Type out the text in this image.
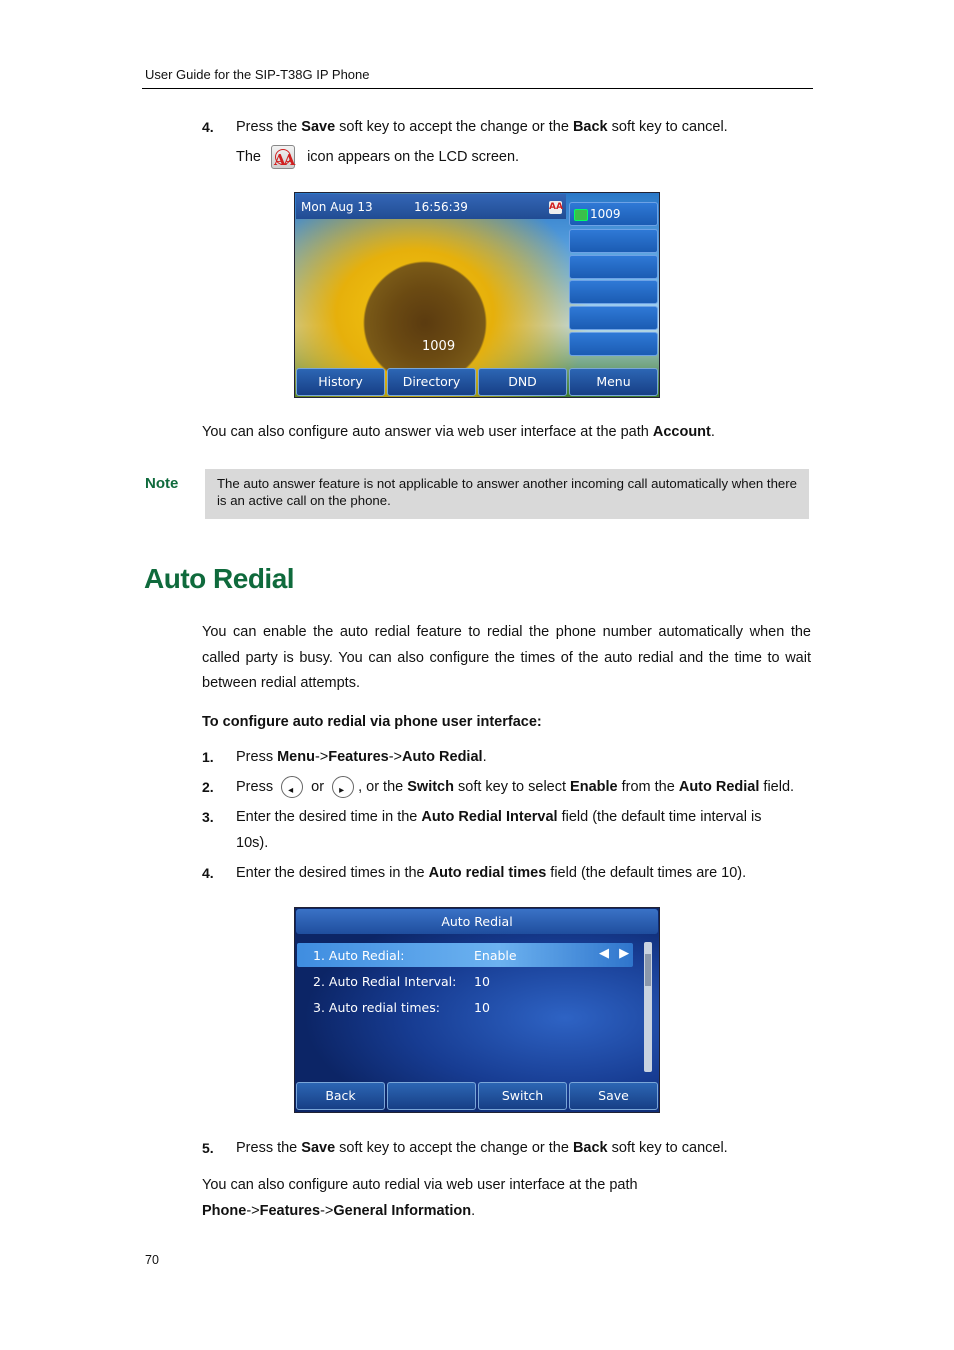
User Guide for the SIP-T38G IP Phone
4. Press the Save soft key to accept the change or the Back soft key to cancel.
The AA icon appears on the LCD screen.
Mon Aug 13	16:56:39	AA 1009
1009
History	Directory	DND	Menu
You can also configure auto answer via web user interface at the path Account.
Note	The auto answer feature is not applicable to answer another incoming call automatically when there is an active call on the phone.
Auto Redial
You can enable the auto redial feature to redial the phone number automatically when the called party is busy. You can also configure the times of the auto redial and the time to wait between redial attempts.
To configure auto redial via phone user interface:
1. Press Menu->Features->Auto Redial.
2. Press ◂ or ▸ , or the Switch soft key to select Enable from the Auto Redial field.
3. Enter the desired time in the Auto Redial Interval field (the default time interval is
10s).
4. Enter the desired times in the Auto redial times field (the default times are 10).
Auto Redial
1. Auto Redial:	Enable	◀ ▶
2. Auto Redial Interval: 10
3. Auto redial times:	10
Back	Switch	Save
5. Press the Save soft key to accept the change or the Back soft key to cancel.
You can also configure auto redial via web user interface at the path
Phone->Features->General Information.
70
